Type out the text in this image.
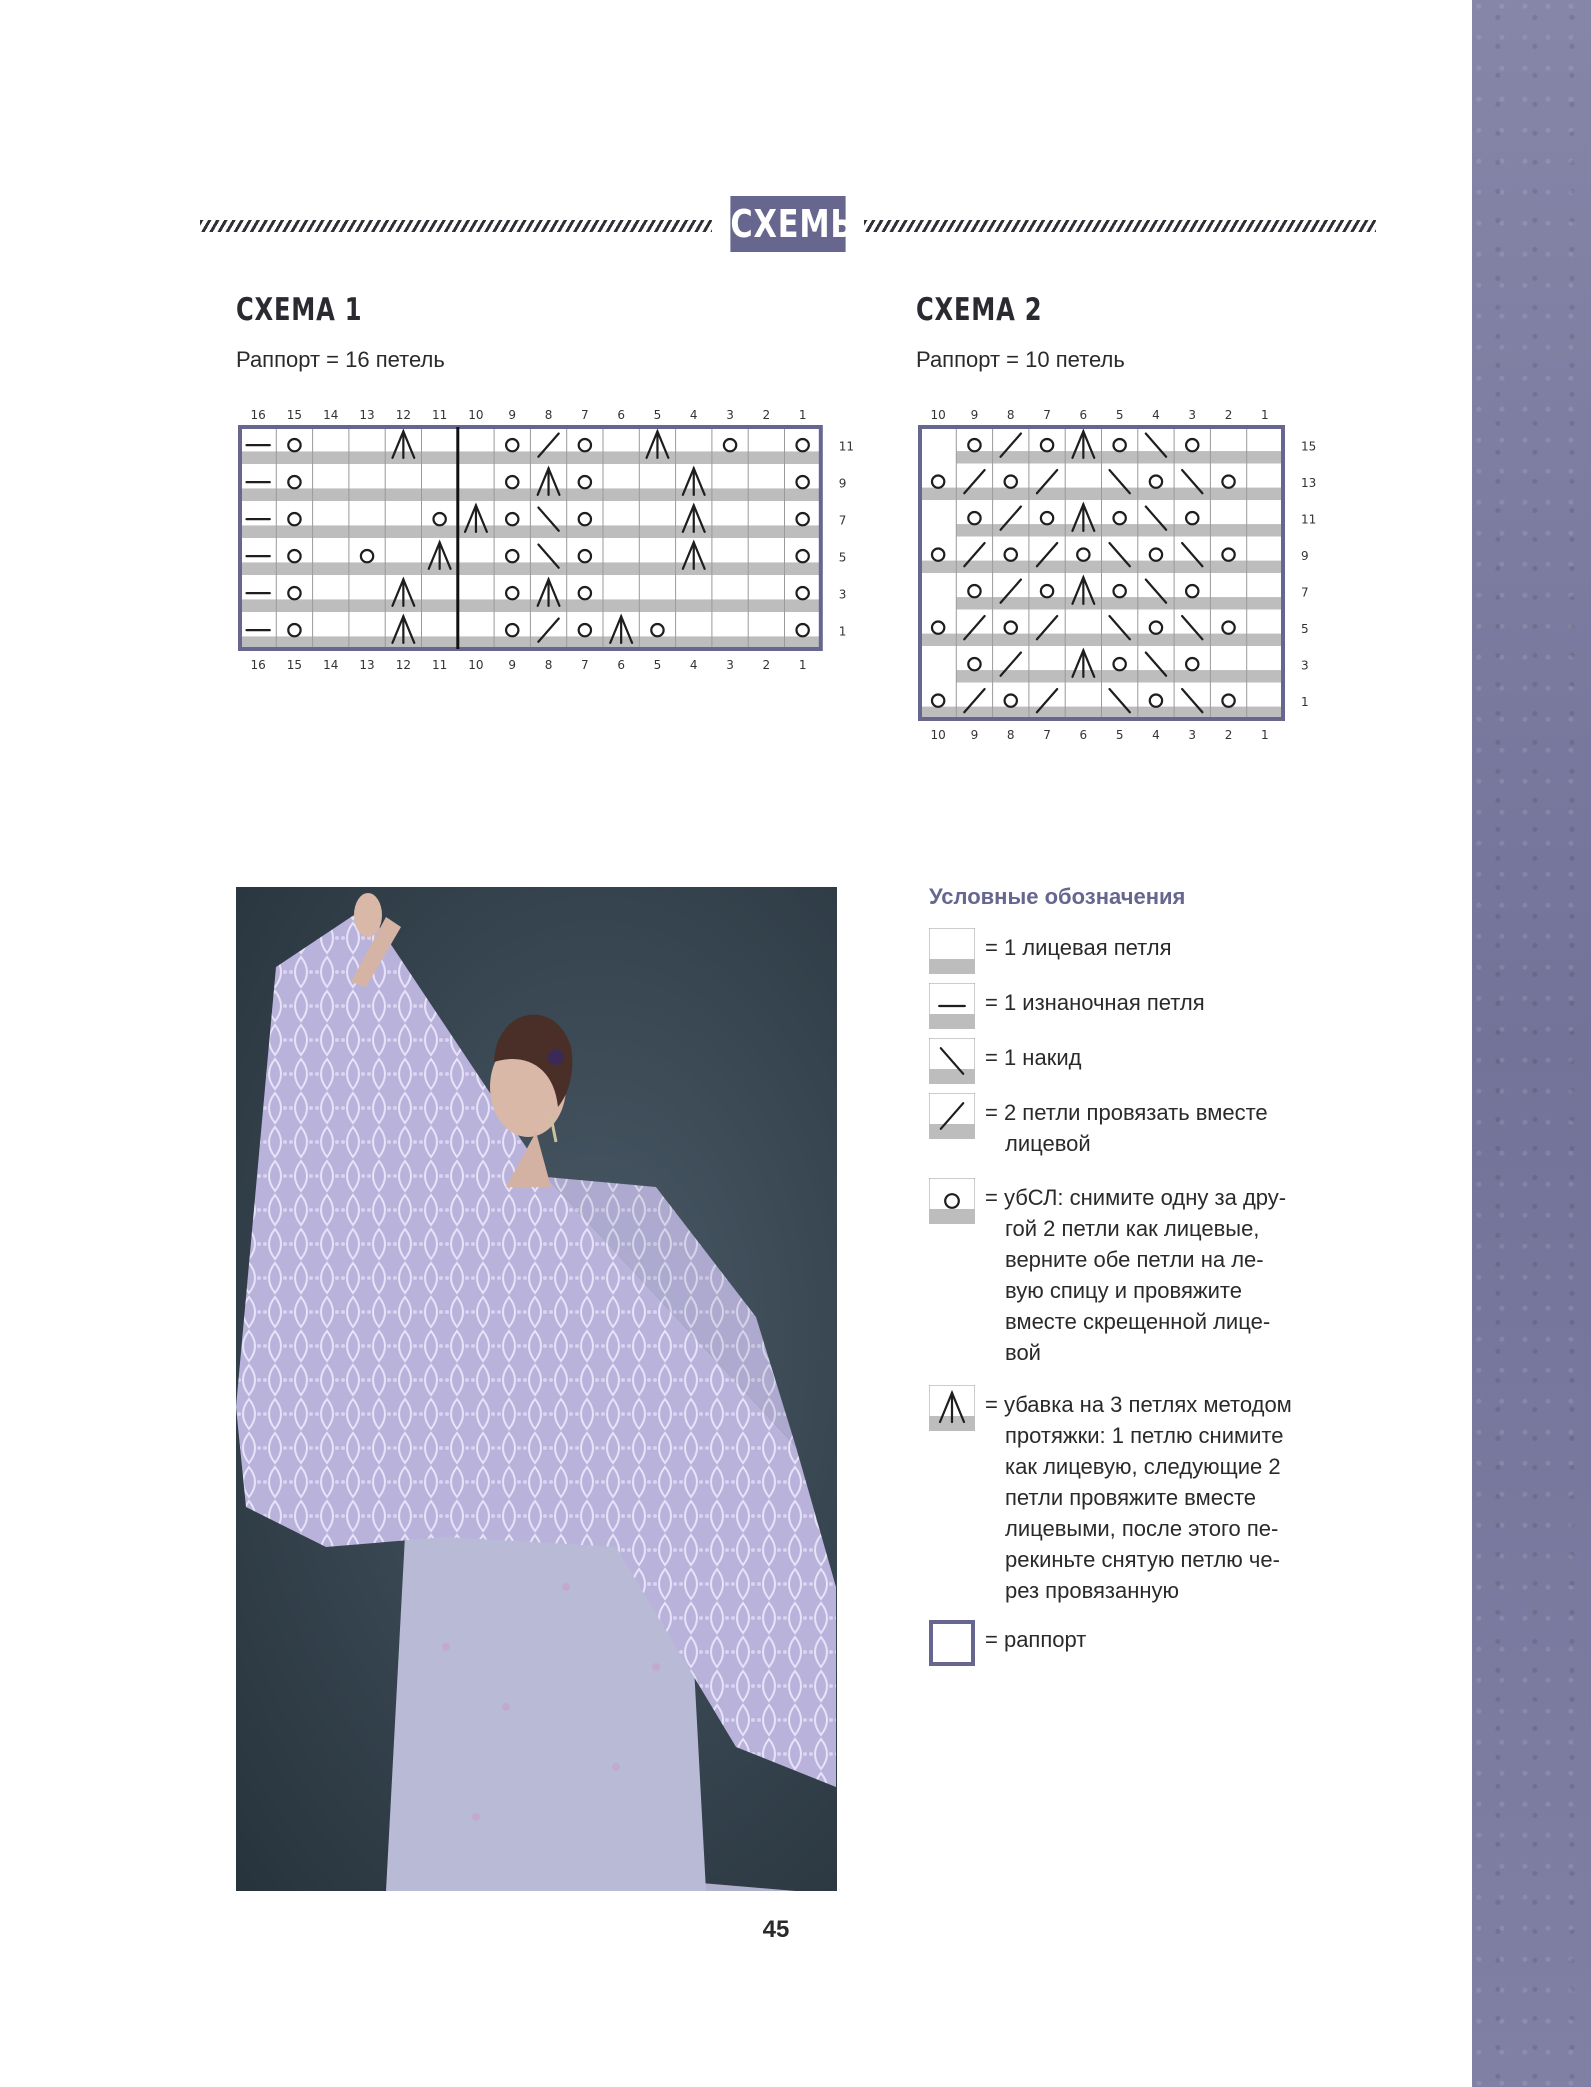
СХЕМЫ
СХЕМА 1
Раппорт = 16 петель
16
16
15
15
14
14
13
13
12
12
11
11
10
10
9
9
8
8
7
7
6
6
5
5
4
4
3
3
2
2
1
1
11
9
7
5
3
1
СХЕМА 2
Раппорт = 10 петель
10
10
9
9
8
8
7
7
6
6
5
5
4
4
3
3
2
2
1
1
15
13
11
9
7
5
3
1
Условные обозначения
= 1 лицевая петля
= 1 изнаночная петля
= 1 накид
= 2 петли провязать вместе
лицевой
= убСЛ: снимите одну за дру-
гой 2 петли как лицевые,
верните обе петли на ле-
вую спицу и провяжите
вместе скрещенной лице-
вой
= убавка на 3 петлях методом
протяжки: 1 петлю снимите
как лицевую, следующие 2
петли провяжите вместе
лицевыми, после этого пе-
рекиньте снятую петлю че-
рез провязанную
= раппорт
45
